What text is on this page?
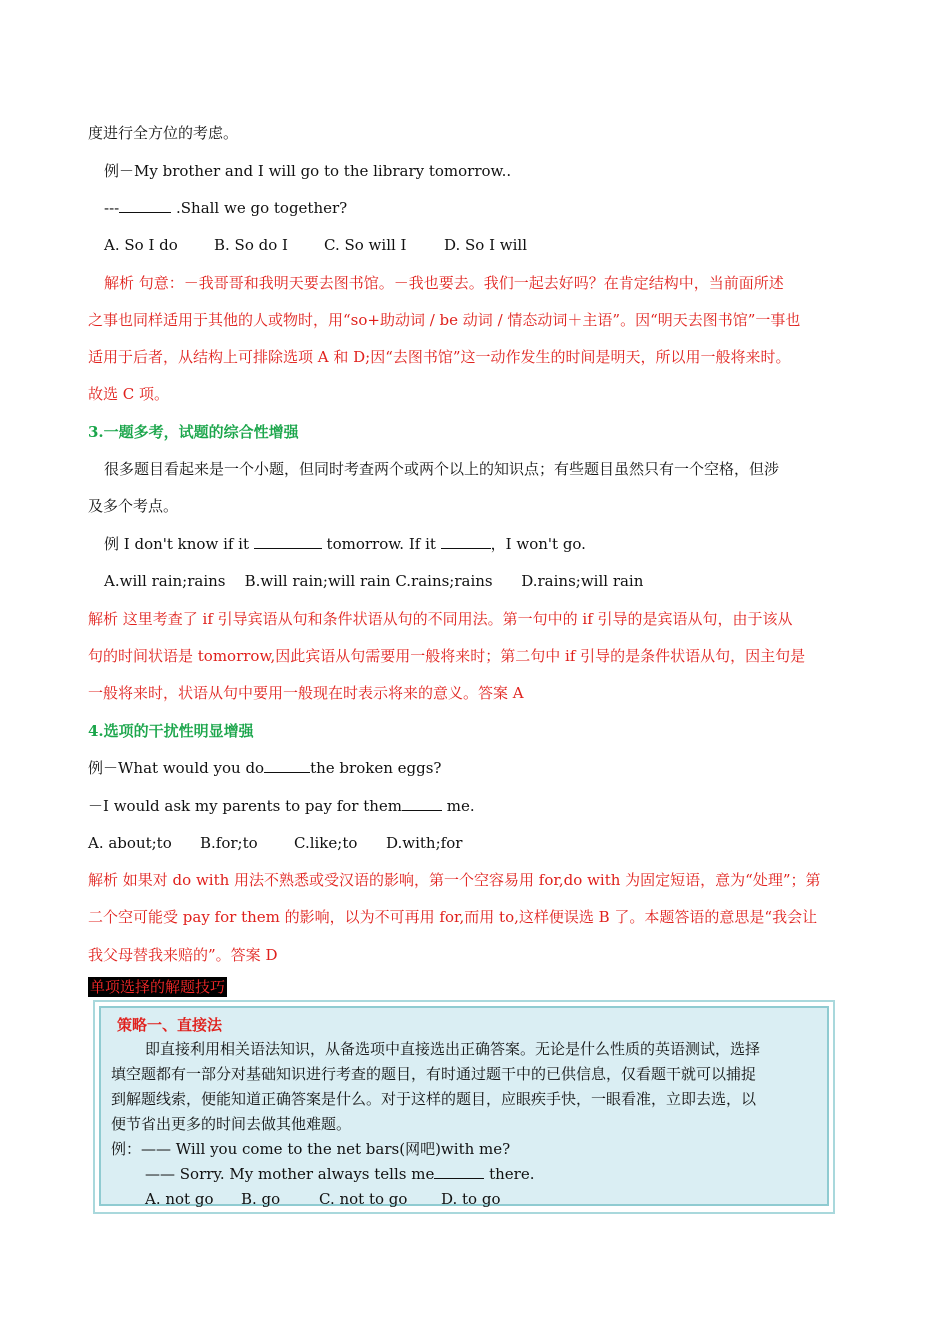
度进行全方位的考虑。
例－My brother and I will go to the library tomorrow..
---	.Shall we go together?
A. So I do B. So do I C. So will I	D. So I will
解析 句意：－我哥哥和我明天要去图书馆。－我也要去。我们一起去好吗？在肯定结构中，当前面所述
之事也同样适用于其他的人或物时，用“so+助动词 / be 动词 / 情态动词＋主语”。因“明天去图书馆”一事也
适用于后者，从结构上可排除选项 A 和 D;因“去图书馆”这一动作发生的时间是明天，所以用一般将来时。
故选 C 项。
3.一题多考，试题的综合性增强
很多题目看起来是一个小题，但同时考查两个或两个以上的知识点；有些题目虽然只有一个空格，但涉
及多个考点。
例 I don't know if it	tomorrow. If it	，I won't go.
A.will rain;rains    B.will rain;will rain C.rains;rains      D.rains;will rain
解析 这里考查了 if 引导宾语从句和条件状语从句的不同用法。第一句中的 if 引导的是宾语从句，由于该从
句的时间状语是 tomorrow,因此宾语从句需要用一般将来时；第二句中 if 引导的是条件状语从句，因主句是
一般将来时，状语从句中要用一般现在时表示将来的意义。答案 A
4.选项的干扰性明显增强
例－What would you do	the broken eggs?
－I would ask my parents to pay for them	me.
A. about;to B.for;to C.like;to D.with;for
解析 如果对 do with 用法不熟悉或受汉语的影响，第一个空容易用 for,do with 为固定短语，意为“处理”；第
二个空可能受 pay for them 的影响，以为不可再用 for,而用 to,这样便误选 B 了。本题答语的意思是“我会让
我父母替我来赔的”。答案 D
单项选择的解题技巧
策略一、直接法
即直接利用相关语法知识，从备选项中直接选出正确答案。无论是什么性质的英语测试，选择
填空题都有一部分对基础知识进行考查的题目，有时通过题干中的已供信息，仅看题干就可以捕捉
到解题线索，便能知道正确答案是什么。对于这样的题目，应眼疾手快，一眼看准，立即去选，以
便节省出更多的时间去做其他难题。
例：—— Will you come to the net bars(网吧)with me?
—— Sorry. My mother always tells me	there.
A. not go B. go	C. not to go D. to go
